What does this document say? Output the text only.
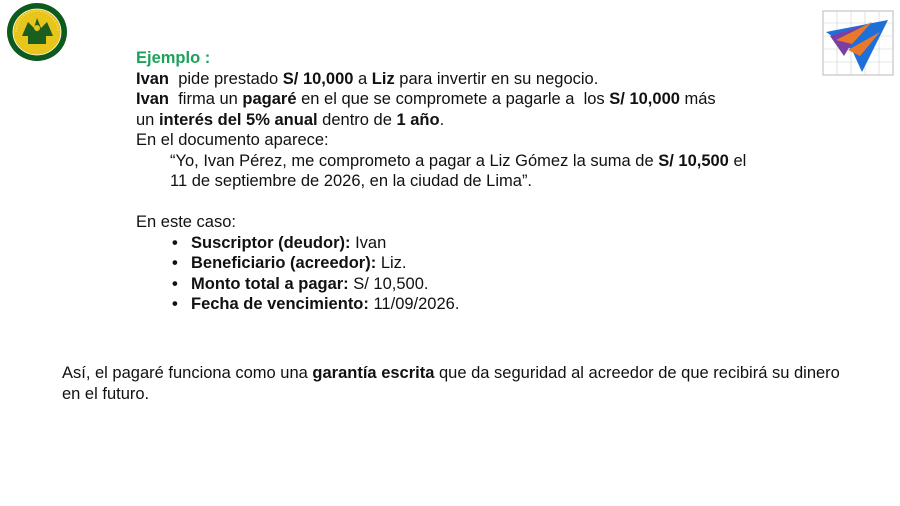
Ejemplo :

Ivan  pide prestado S/ 10,000 a Liz para invertir en su negocio.

Ivan  firma un pagaré en el que se compromete a pagarle a  los S/ 10,000 más

un interés del 5% anual dentro de 1 año.

En el documento aparece:

“Yo, Ivan Pérez, me comprometo a pagar a Liz Gómez la suma de S/ 10,500 el 11 de septiembre de 2026, en la ciudad de Lima”.

En este caso:

• Suscriptor (deudor): Ivan
• Beneficiario (acreedor): Liz.
• Monto total a pagar: S/ 10,500.
• Fecha de vencimiento: 11/09/2026.

Así, el pagaré funciona como una garantía escrita que da seguridad al acreedor de que recibirá su dinero en el futuro.
